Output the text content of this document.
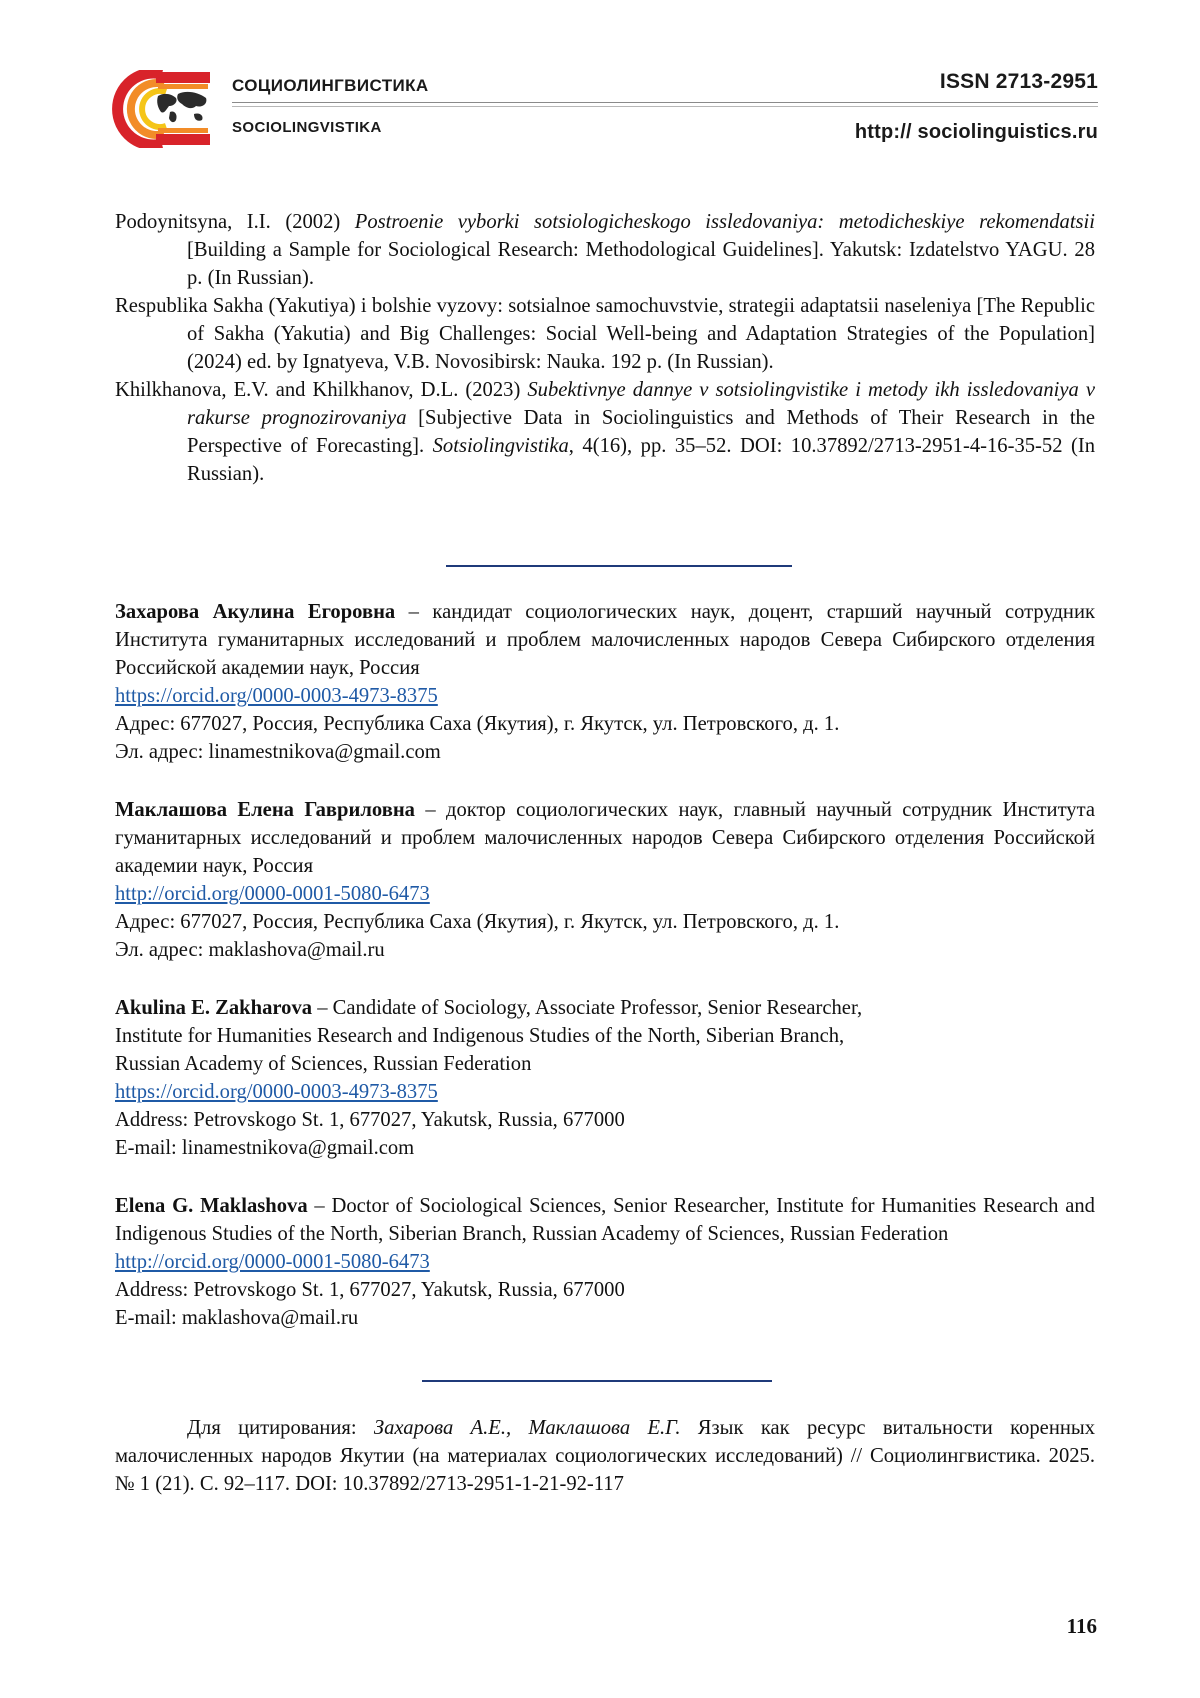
СОЦИОЛИНГВИСТИКА
SOCIOLINGVISTIKA
ISSN 2713-2951
http:// sociolinguistics.ru

Podoynitsyna, I.I. (2002) Postroenie vyborki sotsiologicheskogo issledovaniya: metodicheskiye rekomendatsii [Building a Sample for Sociological Research: Methodological Guidelines]. Yakutsk: Izdatelstvo YAGU. 28 p. (In Russian).

Respublika Sakha (Yakutiya) i bolshie vyzovy: sotsialnoe samochuvstvie, strategii adaptatsii naseleniya [The Republic of Sakha (Yakutia) and Big Challenges: Social Well-being and Adaptation Strategies of the Population] (2024) ed. by Ignatyeva, V.B. Novosibirsk: Nauka. 192 p. (In Russian).

Khilkhanova, E.V. and Khilkhanov, D.L. (2023) Subektivnye dannye v sotsiolingvistike i metody ikh issledovaniya v rakurse prognozirovaniya [Subjective Data in Sociolinguistics and Methods of Their Research in the Perspective of Forecasting]. Sotsiolingvistika, 4(16), pp. 35–52. DOI: 10.37892/2713-2951-4-16-35-52 (In Russian).

Захарова Акулина Егоровна – кандидат социологических наук, доцент, старший научный сотрудник Института гуманитарных исследований и проблем малочисленных народов Севера Сибирского отделения Российской академии наук, Россия

https://orcid.org/0000-0003-4973-8375

Адрес: 677027, Россия, Республика Саха (Якутия), г. Якутск, ул. Петровского, д. 1.

Эл. адрес: linamestnikova@gmail.com

Маклашова Елена Гавриловна – доктор социологических наук, главный научный сотрудник Института гуманитарных исследований и проблем малочисленных народов Севера Сибирского отделения Российской академии наук, Россия

http://orcid.org/0000-0001-5080-6473

Адрес: 677027, Россия, Республика Саха (Якутия), г. Якутск, ул. Петровского, д. 1.

Эл. адрес: maklashova@mail.ru

Akulina E. Zakharova – Candidate of Sociology, Associate Professor, Senior Researcher,

Institute for Humanities Research and Indigenous Studies of the North, Siberian Branch,

Russian Academy of Sciences, Russian Federation

https://orcid.org/0000-0003-4973-8375

Address: Petrovskogo St. 1, 677027, Yakutsk, Russia, 677000

E-mail: linamestnikova@gmail.com

Elena G. Maklashova – Doctor of Sociological Sciences, Senior Researcher, Institute for Humanities Research and Indigenous Studies of the North, Siberian Branch, Russian Academy of Sciences, Russian Federation

http://orcid.org/0000-0001-5080-6473

Address: Petrovskogo St. 1, 677027, Yakutsk, Russia, 677000

E-mail: maklashova@mail.ru

Для цитирования: Захарова А.Е., Маклашова Е.Г. Язык как ресурс витальности коренных малочисленных народов Якутии (на материалах социологических исследований) // Социолингвистика. 2025. № 1 (21). С. 92–117. DOI: 10.37892/2713-2951-1-21-92-117

116
